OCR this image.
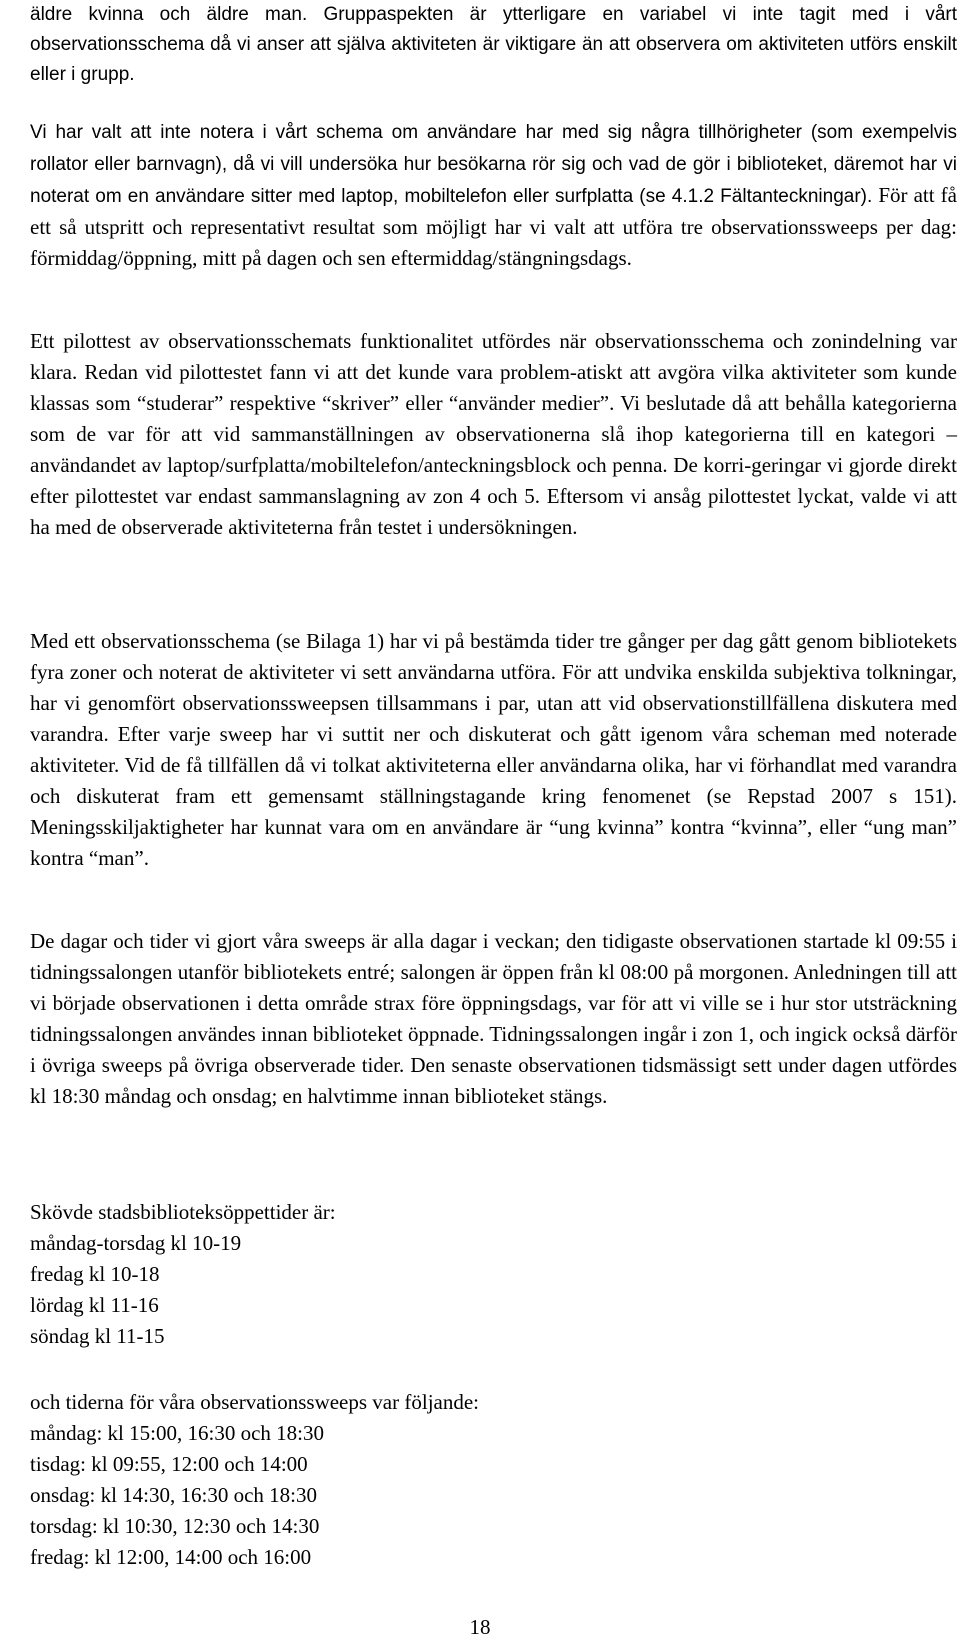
äldre kvinna och äldre man. Gruppaspekten är ytterligare en variabel vi inte tagit med i vårt observationsschema då vi anser att själva aktiviteten är viktigare än att observera om aktiviteten utförs enskilt eller i grupp.

Vi har valt att inte notera i vårt schema om användare har med sig några tillhörigheter (som exempelvis rollator eller barnvagn), då vi vill undersöka hur besökarna rör sig och vad de gör i biblioteket, däremot har vi noterat om en användare sitter med laptop, mobiltelefon eller surfplatta (se 4.1.2 Fältanteckningar). För att få ett så utspritt och representativt resultat som möjligt har vi valt att utföra tre observationssweeps per dag: förmiddag/öppning, mitt på dagen och sen eftermiddag/stängningsdags.

Ett pilottest av observationsschemats funktionalitet utfördes när observationsschema och zonindelning var klara. Redan vid pilottestet fann vi att det kunde vara problem-atiskt att avgöra vilka aktiviteter som kunde klassas som “studerar” respektive “skriver” eller “använder medier”. Vi beslutade då att behålla kategorierna som de var för att vid sammanställningen av observationerna slå ihop kategorierna till en kategori – användandet av laptop/surfplatta/mobiltelefon/anteckningsblock och penna. De korri-geringar vi gjorde direkt efter pilottestet var endast sammanslagning av zon 4 och 5. Eftersom vi ansåg pilottestet lyckat, valde vi att ha med de observerade aktiviteterna från testet i undersökningen.

Med ett observationsschema (se Bilaga 1) har vi på bestämda tider tre gånger per dag gått genom bibliotekets fyra zoner och noterat de aktiviteter vi sett användarna utföra. För att undvika enskilda subjektiva tolkningar, har vi genomfört observationssweepsen tillsammans i par, utan att vid observationstillfällena diskutera med varandra. Efter varje sweep har vi suttit ner och diskuterat och gått igenom våra scheman med noterade aktiviteter. Vid de få tillfällen då vi tolkat aktiviteterna eller användarna olika, har vi förhandlat med varandra och diskuterat fram ett gemensamt ställningstagande kring fenomenet (se Repstad 2007 s 151). Meningsskiljaktigheter har kunnat vara om en användare är “ung kvinna” kontra “kvinna”, eller “ung man” kontra “man”.

De dagar och tider vi gjort våra sweeps är alla dagar i veckan; den tidigaste observationen startade kl 09:55 i tidningssalongen utanför bibliotekets entré; salongen är öppen från kl 08:00 på morgonen. Anledningen till att vi började observationen i detta område strax före öppningsdags, var för att vi ville se i hur stor utsträckning tidningssalongen användes innan biblioteket öppnade. Tidningssalongen ingår i zon 1, och ingick också därför i övriga sweeps på övriga observerade tider. Den senaste observationen tidsmässigt sett under dagen utfördes kl 18:30 måndag och onsdag; en halvtimme innan biblioteket stängs.

Skövde stadsbiblioteksöppettider är:
måndag-torsdag kl 10-19
fredag kl 10-18
lördag kl 11-16
söndag kl 11-15
och tiderna för våra observationssweeps var följande:
måndag: kl 15:00, 16:30 och 18:30
tisdag: kl 09:55, 12:00 och 14:00
onsdag: kl 14:30, 16:30 och 18:30
torsdag: kl 10:30, 12:30 och 14:30
fredag: kl 12:00, 14:00 och 16:00
18
